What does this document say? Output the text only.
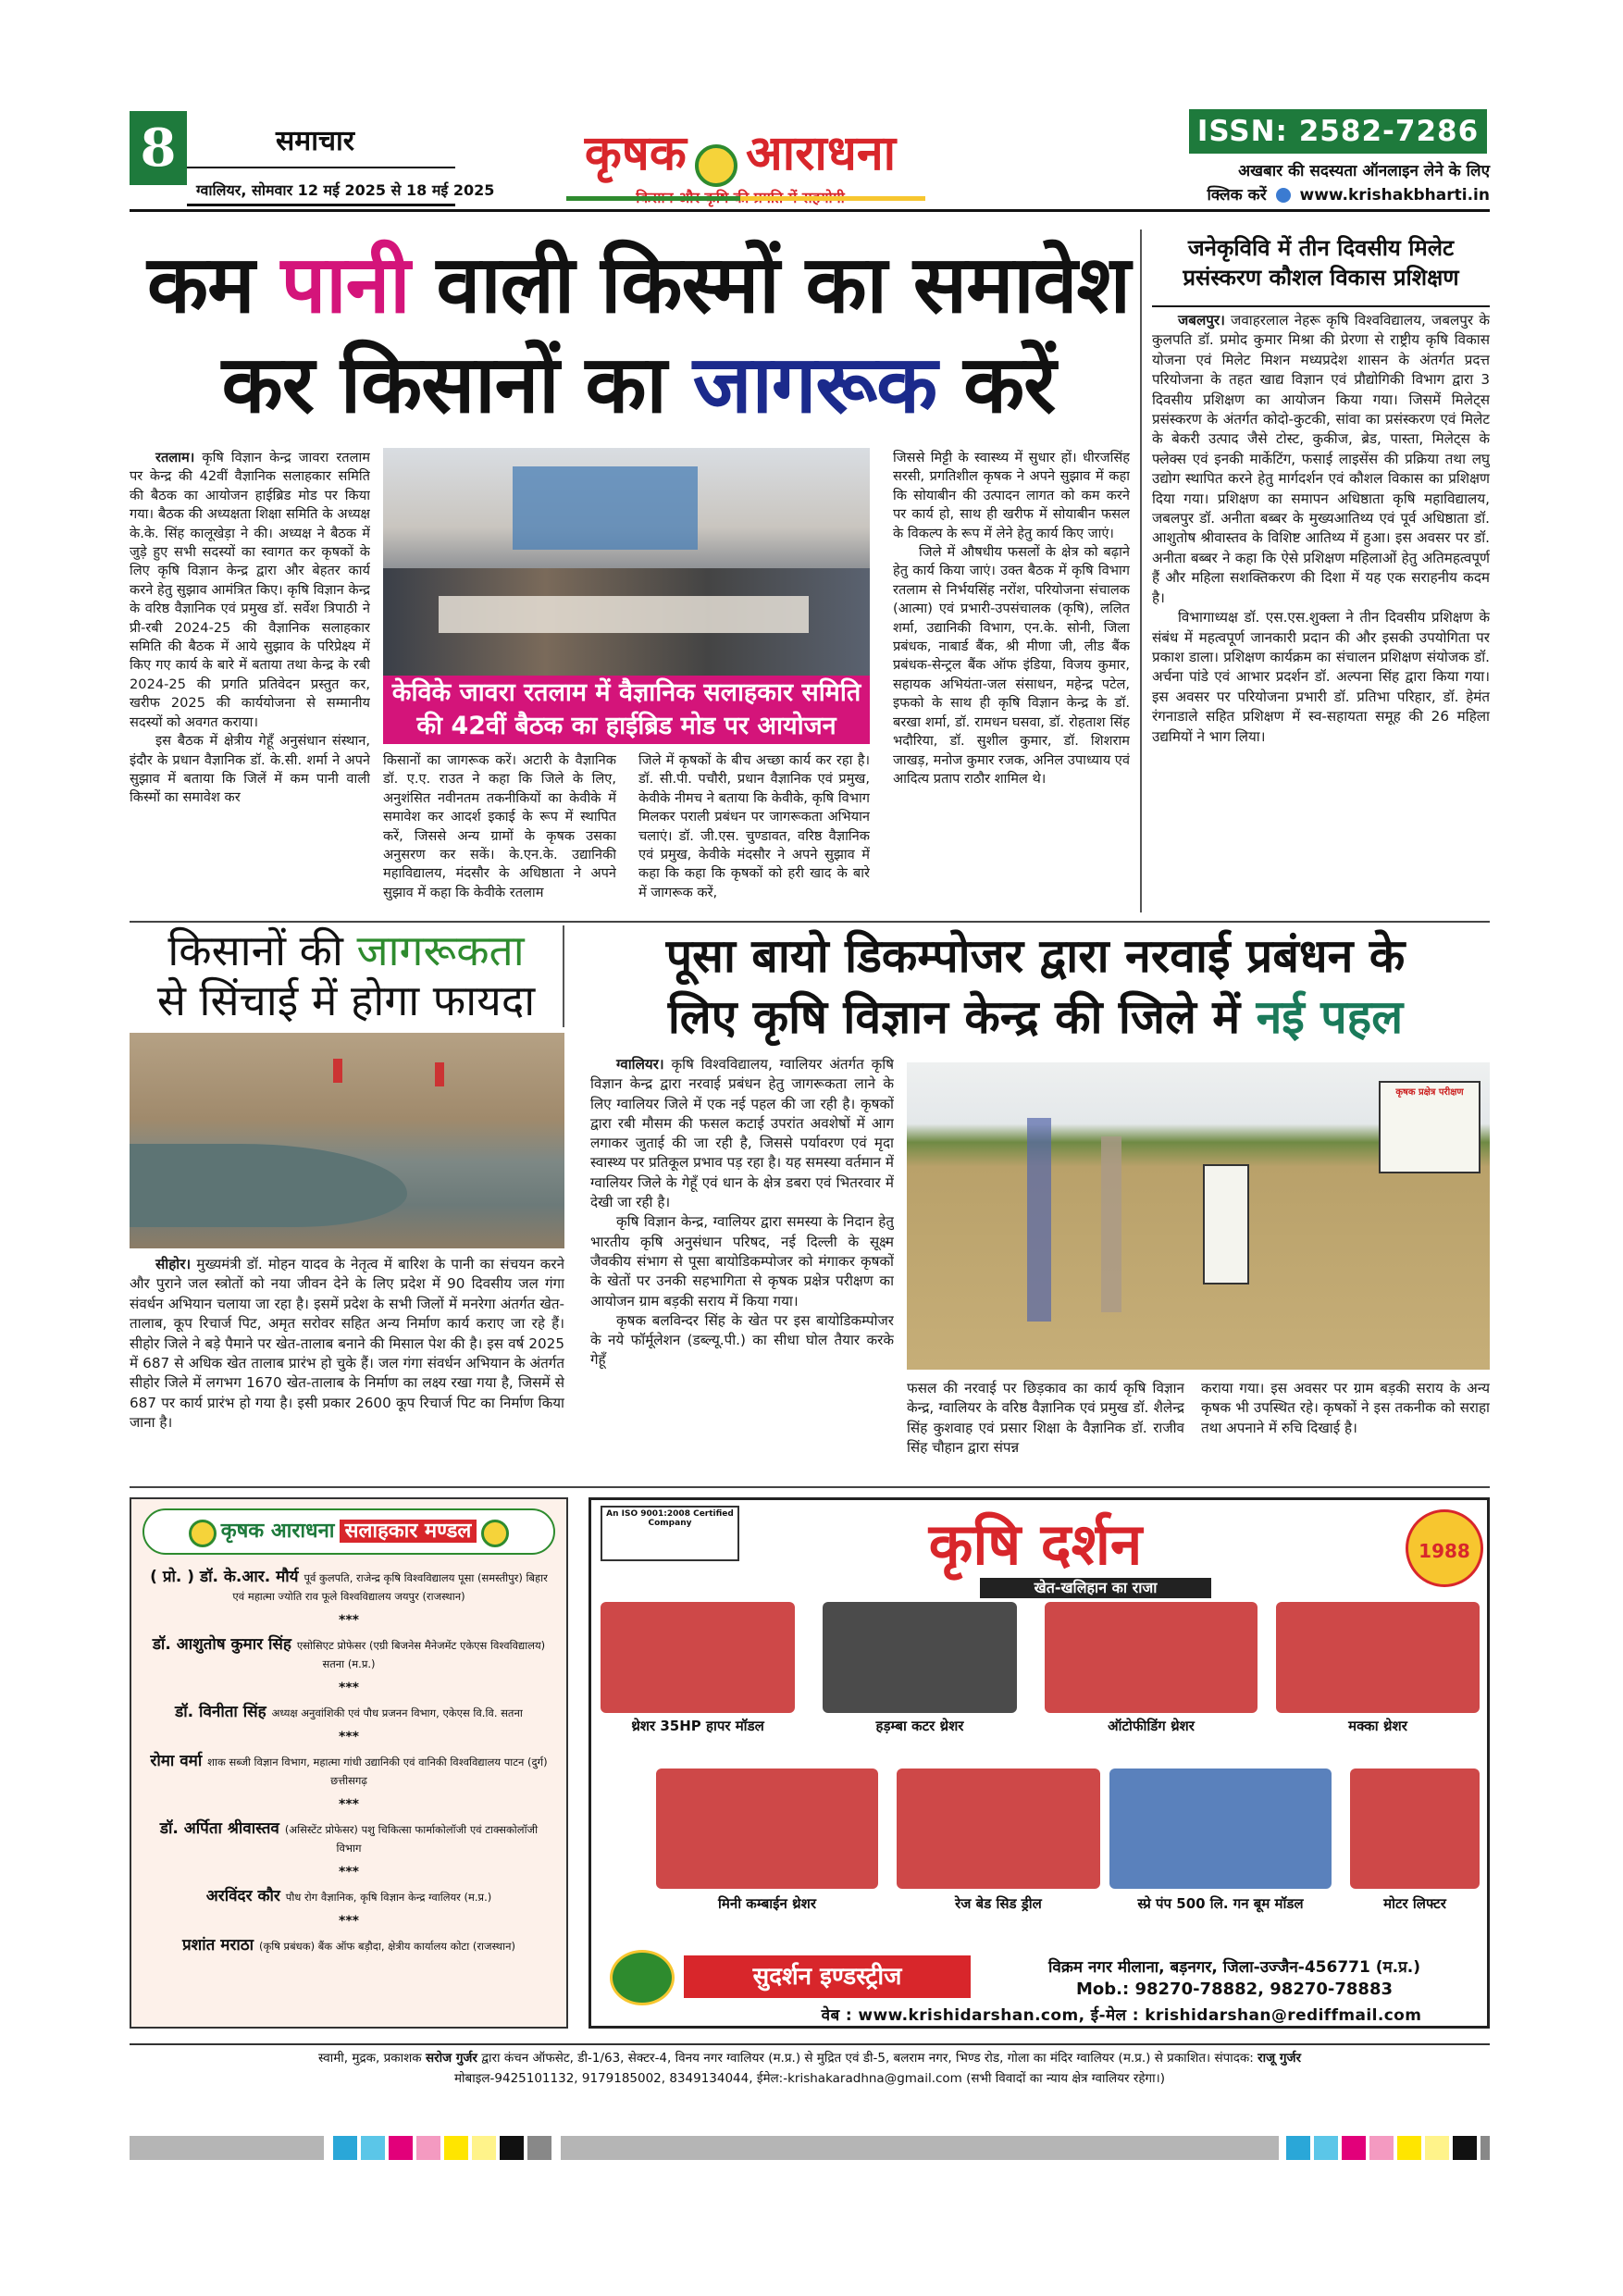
8	समाचार
ग्वालियर, सोमवार 12 मई 2025 से 18 मई 2025
कृषक आराधना	ISSN: 2582-7286
अखबार की सदस्यता ऑनलाइन लेने के लिए
क्लिक करें www.krishakbharti.in
कम पानी वाली किस्मों का समावेश
कर किसानों का जागरूक करें

रतलाम। कृषि विज्ञान केन्द्र जावरा रतलाम पर केन्द्र की 42वीं वैज्ञानिक सलाहकार समिति की बैठक का आयोजन हाईब्रिड मोड पर किया गया। बैठक की अध्यक्षता शिक्षा समिति के अध्यक्ष के.के. सिंह कालूखेड़ा ने की। अध्यक्ष ने बैठक में जुड़े हुए सभी सदस्यों का स्वागत कर कृषकों के लिए कृषि विज्ञान केन्द्र द्वारा और बेहतर कार्य करने हेतु सुझाव आमंत्रित किए। कृषि विज्ञान केन्द्र के वरिष्ठ वैज्ञानिक एवं प्रमुख डॉ. सर्वेश त्रिपाठी ने प्री-रबी 2024-25 की वैज्ञानिक सलाहकार समिति की बैठक में आये सुझाव के परिप्रेक्ष्य में किए गए कार्य के बारे में बताया तथा केन्द्र के रबी 2024-25 की प्रगति प्रतिवेदन प्रस्तुत कर, खरीफ 2025 की कार्ययोजना से सम्मानीय सदस्यों को अवगत कराया।

इस बैठक में क्षेत्रीय गेहूँ अनुसंधान संस्थान, इंदौर के प्रधान वैज्ञानिक डॉ. के.सी. शर्मा ने अपने सुझाव में बताया कि जिलें में कम पानी वाली किस्मों का समावेश कर

केविके जावरा रतलाम में वैज्ञानिक सलाहकार समिति की 42वीं बैठक का हाईब्रिड मोड पर आयोजन
किसानों का जागरूक करें। अटारी के वैज्ञानिक डॉ. ए.ए. राउत ने कहा कि जिले के लिए, अनुशंसित नवीनतम तकनीकियों का केवीके में समावेश कर आदर्श इकाई के रूप में स्थापित करें, जिससे अन्य ग्रामों के कृषक उसका अनुसरण कर सकें। के.एन.के. उद्यानिकी महाविद्यालय, मंदसौर के अधिष्ठाता ने अपने सुझाव में कहा कि केवीके रतलाम
जिले में कृषकों के बीच अच्छा कार्य कर रहा है। डॉ. सी.पी. पचौरी, प्रधान वैज्ञानिक एवं प्रमुख, केवीके नीमच ने बताया कि केवीके, कृषि विभाग मिलकर पराली प्रबंधन पर जागरूकता अभियान चलाएं। डॉ. जी.एस. चुण्डावत, वरिष्ठ वैज्ञानिक एवं प्रमुख, केवीके मंदसौर ने अपने सुझाव में कहा कि कहा कि कृषकों को हरी खाद के बारे में जागरूक करें,

जिससे मिट्टी के स्वास्थ्य में सुधार हों। धीरजसिंह सरसी, प्रगतिशील कृषक ने अपने सुझाव में कहा कि सोयाबीन की उत्पादन लागत को कम करने पर कार्य हो, साथ ही खरीफ में सोयाबीन फसल के विकल्प के रूप में लेने हेतु कार्य किए जाएं।

जिले में औषधीय फसलों के क्षेत्र को बढ़ाने हेतु कार्य किया जाएं। उक्त बैठक में कृषि विभाग रतलाम से निर्भयसिंह नरोंश, परियोजना संचालक (आत्मा) एवं प्रभारी-उपसंचालक (कृषि), ललित शर्मा, उद्यानिकी विभाग, एन.के. सोनी, जिला प्रबंधक, नाबार्ड बैंक, श्री मीणा जी, लीड बैंक प्रबंधक-सेन्ट्रल बैंक ऑफ इंडिया, विजय कुमार, सहायक अभियंता-जल संसाधन, महेन्द्र पटेल, इफको के साथ ही कृषि विज्ञान केन्द्र के डॉ. बरखा शर्मा, डॉ. रामधन घसवा, डॉ. रोहताश सिंह भदौरिया, डॉ. सुशील कुमार, डॉ. शिशराम जाखड़, मनोज कुमार रजक, अनिल उपाध्याय एवं आदित्य प्रताप राठौर शामिल थे।

जनेकृविवि में तीन दिवसीय मिलेट प्रसंस्करण कौशल विकास प्रशिक्षण

जबलपुर। जवाहरलाल नेहरू कृषि विश्वविद्यालय, जबलपुर के कुलपति डॉ. प्रमोद कुमार मिश्रा की प्रेरणा से राष्ट्रीय कृषि विकास योजना एवं मिलेट मिशन मध्यप्रदेश शासन के अंतर्गत प्रदत्त परियोजना के तहत खाद्य विज्ञान एवं प्रौद्योगिकी विभाग द्वारा 3 दिवसीय प्रशिक्षण का आयोजन किया गया। जिसमें मिलेट्स प्रसंस्करण के अंतर्गत कोदो-कुटकी, सांवा का प्रसंस्करण एवं मिलेट के बेकरी उत्पाद जैसे टोस्ट, कुकीज, ब्रेड, पास्ता, मिलेट्स के फ्लेक्स एवं इनकी मार्केटिंग, फसाई लाइसेंस की प्रक्रिया तथा लघु उद्योग स्थापित करने हेतु मार्गदर्शन एवं कौशल विकास का प्रशिक्षण दिया गया। प्रशिक्षण का समापन अधिष्ठाता कृषि महाविद्यालय, जबलपुर डॉ. अनीता बब्बर के मुख्यआतिथ्य एवं पूर्व अधिष्ठाता डॉ. आशुतोष श्रीवास्तव के विशिष्ट आतिथ्य में हुआ। इस अवसर पर डॉ. अनीता बब्बर ने कहा कि ऐसे प्रशिक्षण महिलाओं हेतु अतिमहत्वपूर्ण हैं और महिला सशक्तिकरण की दिशा में यह एक सराहनीय कदम है।

विभागाध्यक्ष डॉ. एस.एस.शुक्ला ने तीन दिवसीय प्रशिक्षण के संबंध में महत्वपूर्ण जानकारी प्रदान की और इसकी उपयोगिता पर प्रकाश डाला। प्रशिक्षण कार्यक्रम का संचालन प्रशिक्षण संयोजक डॉ. अर्चना पांडे एवं आभार प्रदर्शन डॉ. अल्पना सिंह द्वारा किया गया। इस अवसर पर परियोजना प्रभारी डॉ. प्रतिभा परिहार, डॉ. हेमंत रंगनाडाले सहित प्रशिक्षण में स्व-सहायता समूह की 26 महिला उद्यमियों ने भाग लिया।

किसानों की जागरूकता
से सिंचाई में होगा फायदा

सीहोर। मुख्यमंत्री डॉ. मोहन यादव के नेतृत्व में बारिश के पानी का संचयन करने और पुराने जल स्त्रोतों को नया जीवन देने के लिए प्रदेश में 90 दिवसीय जल गंगा संवर्धन अभियान चलाया जा रहा है। इसमें प्रदेश के सभी जिलों में मनरेगा अंतर्गत खेत-तालाब, कूप रिचार्ज पिट, अमृत सरोवर सहित अन्य निर्माण कार्य कराए जा रहे हैं। सीहोर जिले ने बड़े पैमाने पर खेत-तालाब बनाने की मिसाल पेश की है। इस वर्ष 2025 में 687 से अधिक खेत तालाब प्रारंभ हो चुके हैं। जल गंगा संवर्धन अभियान के अंतर्गत सीहोर जिले में लगभग 1670 खेत-तालाब के निर्माण का लक्ष्य रखा गया है, जिसमें से 687 पर कार्य प्रारंभ हो गया है। इसी प्रकार 2600 कूप रिचार्ज पिट का निर्माण किया जाना है।

पूसा बायो डिकम्पोजर द्वारा नरवाई प्रबंधन के
लिए कृषि विज्ञान केन्द्र की जिले में नई पहल

ग्वालियर। कृषि विश्वविद्यालय, ग्वालियर अंतर्गत कृषि विज्ञान केन्द्र द्वारा नरवाई प्रबंधन हेतु जागरूकता लाने के लिए ग्वालियर जिले में एक नई पहल की जा रही है। कृषकों द्वारा रबी मौसम की फसल कटाई उपरांत अवशेषों में आग लगाकर जुताई की जा रही है, जिससे पर्यावरण एवं मृदा स्वास्थ्य पर प्रतिकूल प्रभाव पड़ रहा है। यह समस्या वर्तमान में ग्वालियर जिले के गेहूँ एवं धान के क्षेत्र डबरा एवं भितरवार में देखी जा रही है।

कृषि विज्ञान केन्द्र, ग्वालियर द्वारा समस्या के निदान हेतु भारतीय कृषि अनुसंधान परिषद, नई दिल्ली के सूक्ष्म जैवकीय संभाग से पूसा बायोडिकम्पोजर को मंगाकर कृषकों के खेतों पर उनकी सहभागिता से कृषक प्रक्षेत्र परीक्षण का आयोजन ग्राम बड़की सराय में किया गया।

कृषक बलविन्दर सिंह के खेत पर इस बायोडिकम्पोजर के नये फॉर्मूलेशन (डब्ल्यू.पी.) का सीधा घोल तैयार करके गेहूँ

कृषक प्रक्षेत्र परीक्षण
फसल की नरवाई पर छिड़काव का कार्य कृषि विज्ञान केन्द्र, ग्वालियर के वरिष्ठ वैज्ञानिक एवं प्रमुख डॉ. शैलेन्द्र सिंह कुशवाह एवं प्रसार शिक्षा के वैज्ञानिक डॉ. राजीव सिंह चौहान द्वारा संपन्न
कराया गया। इस अवसर पर ग्राम बड़की सराय के अन्य कृषक भी उपस्थित रहे। कृषकों ने इस तकनीक को सराहा तथा अपनाने में रुचि दिखाई है।
कृषक आराधना सलाहकार मण्डल
( प्रो. ) डॉ. के.आर. मौर्य पूर्व कुलपति, राजेन्द्र कृषि विश्वविद्यालय पूसा (समस्तीपुर) बिहार एवं महात्मा ज्योति राव फूले विश्वविद्यालय जयपुर (राजस्थान)
***
डॉ. आशुतोष कुमार सिंह एसोसिएट प्रोफेसर (एग्री बिजनेस मैनेजमेंट एकेएस विश्वविद्यालय) सतना (म.प्र.)
***
डॉ. विनीता सिंह अध्यक्ष अनुवांशिकी एवं पौध प्रजनन विभाग, एकेएस वि.वि. सतना
***
रोमा वर्मा शाक सब्जी विज्ञान विभाग, महात्मा गांधी उद्यानिकी एवं वानिकी विश्वविद्यालय पाटन (दुर्ग) छत्तीसगढ़
***
डॉ. अर्पिता श्रीवास्तव (असिस्टेंट प्रोफेसर) पशु चिकित्सा फार्माकोलॉजी एवं टाक्सकोलॉजी विभाग
***
अरविंदर कौर पौध रोग वैज्ञानिक, कृषि विज्ञान केन्द्र ग्वालियर (म.प्र.)
***
प्रशांत मराठा (कृषि प्रबंधक) बैंक ऑफ बड़ौदा, क्षेत्रीय कार्यालय कोटा (राजस्थान)
An ISO 9001:2008 Certified Company	कृषि दर्शन
खेत-खलिहान का राजा
1988
थ्रेशर 35HP हापर मॉडल	हड़म्बा कटर थ्रेशर	ऑटोफीडिंग थ्रेशर	मक्का थ्रेशर
मिनी कम्बाईन थ्रेशर	रेज बेड सिड ड्रील	स्प्रे पंप 500 लि. गन बूम मॉडल	मोटर लिफ्टर
सुदर्शन इण्डस्ट्रीज	विक्रम नगर मीलाना, बड़नगर, जिला-उज्जैन-456771 (म.प्र.)
Mob.: 98270-78882, 98270-78883
वेब : www.krishidarshan.com, ई-मेल : krishidarshan@rediffmail.com
स्वामी, मुद्रक, प्रकाशक सरोज गुर्जर द्वारा कंचन ऑफसेट, डी-1/63, सेक्टर-4, विनय नगर ग्वालियर (म.प्र.) से मुद्रित एवं डी-5, बलराम नगर, भिण्ड रोड, गोला का मंदिर ग्वालियर (म.प्र.) से प्रकाशित। संपादक: राजू गुर्जर
मोबाइल-9425101132, 9179185002, 8349134044, ईमेल:-krishakaradhna@gmail.com (सभी विवादों का न्याय क्षेत्र ग्वालियर रहेगा।)
